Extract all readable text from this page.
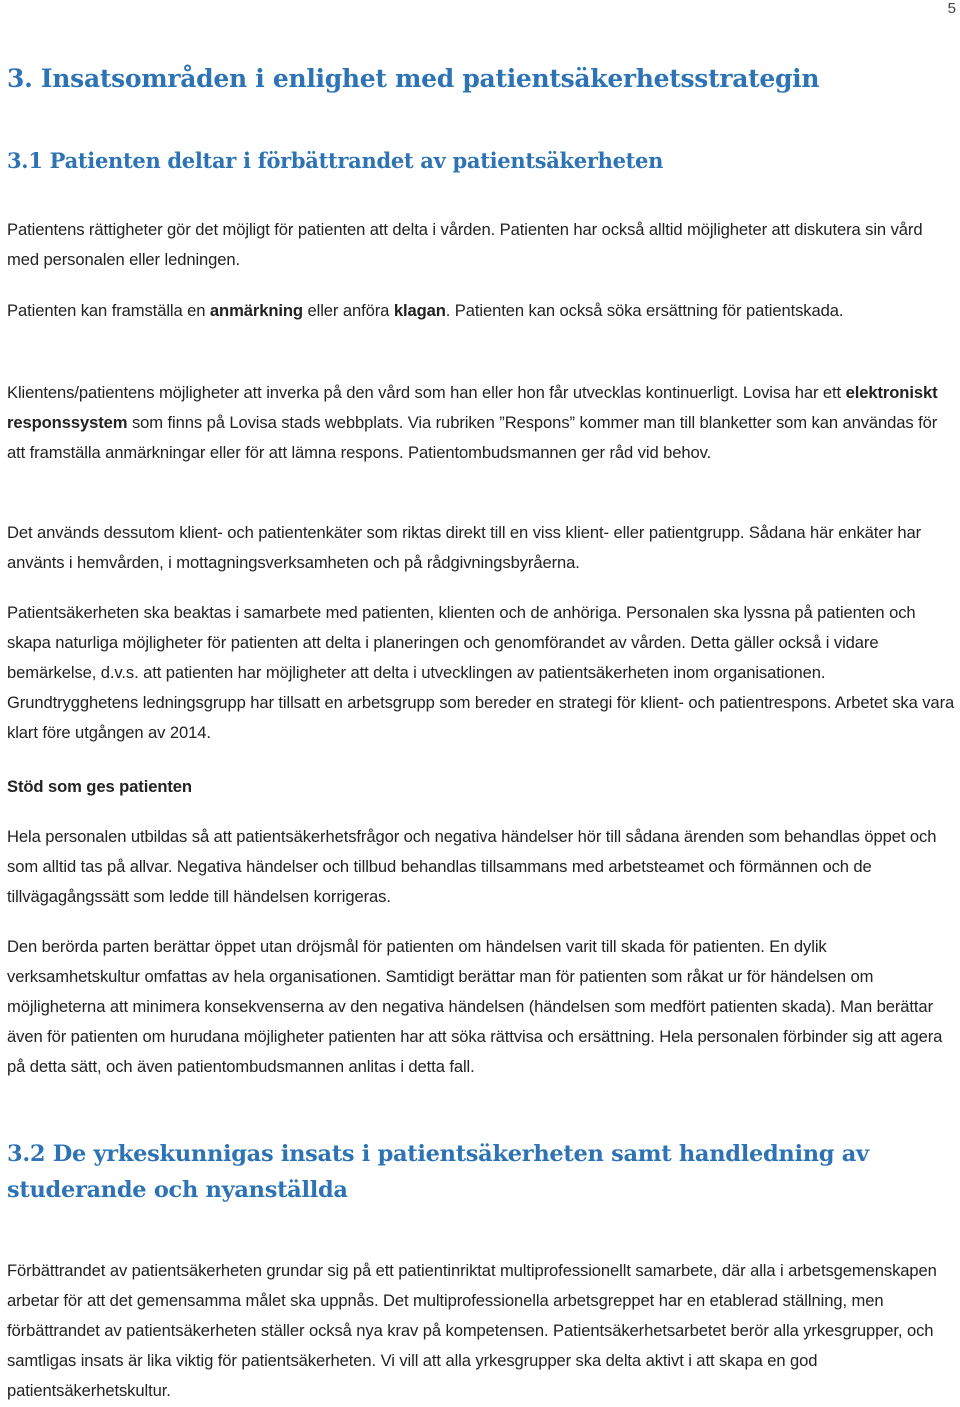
5
3. Insatsområden i enlighet med patientsäkerhetsstrategin
3.1 Patienten deltar i förbättrandet av patientsäkerheten

Patientens rättigheter gör det möjligt för patienten att delta i vården. Patienten har också alltid möjligheter att diskutera sin vård med personalen eller ledningen.

Patienten kan framställa en anmärkning eller anföra klagan. Patienten kan också söka ersättning för patientskada.

Klientens/patientens möjligheter att inverka på den vård som han eller hon får utvecklas kontinuerligt. Lovisa har ett elektroniskt responssystem som finns på Lovisa stads webbplats. Via rubriken ”Respons” kommer man till blanketter som kan användas för att framställa anmärkningar eller för att lämna respons. Patientombudsmannen ger råd vid behov.

Det används dessutom klient- och patientenkäter som riktas direkt till en viss klient- eller patientgrupp. Sådana här enkäter har använts i hemvården, i mottagningsverksamheten och på rådgivningsbyråerna.

Patientsäkerheten ska beaktas i samarbete med patienten, klienten och de anhöriga. Personalen ska lyssna på patienten och skapa naturliga möjligheter för patienten att delta i planeringen och genomförandet av vården. Detta gäller också i vidare bemärkelse, d.v.s. att patienten har möjligheter att delta i utvecklingen av patientsäkerheten inom organisationen. Grundtrygghetens ledningsgrupp har tillsatt en arbetsgrupp som bereder en strategi för klient- och patientrespons. Arbetet ska vara klart före utgången av 2014.

Stöd som ges patienten

Hela personalen utbildas så att patientsäkerhetsfrågor och negativa händelser hör till sådana ärenden som behandlas öppet och som alltid tas på allvar. Negativa händelser och tillbud behandlas tillsammans med arbetsteamet och förmännen och de tillvägagångssätt som ledde till händelsen korrigeras.

Den berörda parten berättar öppet utan dröjsmål för patienten om händelsen varit till skada för patienten. En dylik verksamhetskultur omfattas av hela organisationen. Samtidigt berättar man för patienten som råkat ur för händelsen om möjligheterna att minimera konsekvenserna av den negativa händelsen (händelsen som medfört patienten skada). Man berättar även för patienten om hurudana möjligheter patienten har att söka rättvisa och ersättning. Hela personalen förbinder sig att agera på detta sätt, och även patientombudsmannen anlitas i detta fall.

3.2 De yrkeskunnigas insats i patientsäkerheten samt handledning av studerande och nyanställda

Förbättrandet av patientsäkerheten grundar sig på ett patientinriktat multiprofessionellt samarbete, där alla i arbetsgemenskapen arbetar för att det gemensamma målet ska uppnås. Det multiprofessionella arbetsgreppet har en etablerad ställning, men förbättrandet av patientsäkerheten ställer också nya krav på kompetensen. Patientsäkerhetsarbetet berör alla yrkesgrupper, och samtligas insats är lika viktig för patientsäkerheten. Vi vill att alla yrkesgrupper ska delta aktivt i att skapa en god patientsäkerhetskultur.
